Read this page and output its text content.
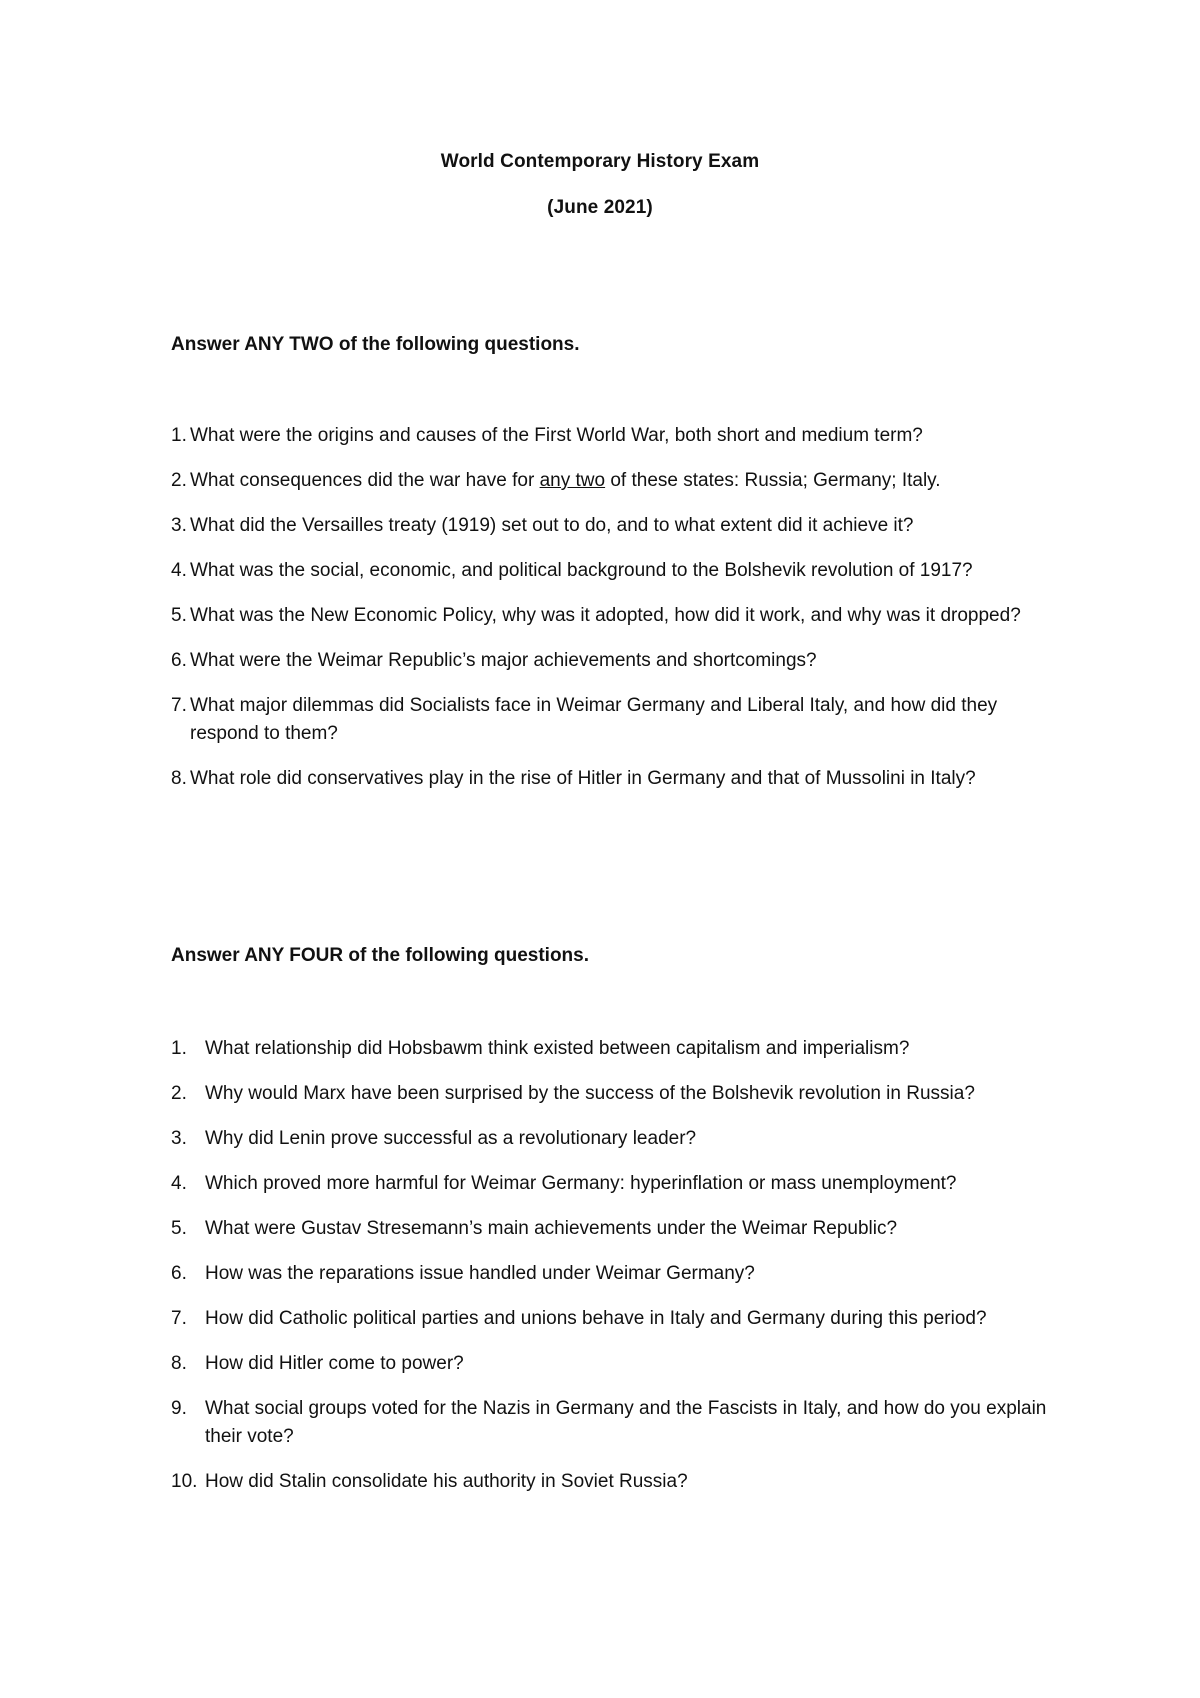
World Contemporary History Exam
(June 2021)
Answer ANY TWO of the following questions.
1. What were the origins and causes of the First World War, both short and medium term?
2. What consequences did the war have for any two of these states: Russia; Germany; Italy.
3. What did the Versailles treaty (1919) set out to do, and to what extent did it achieve it?
4. What was the social, economic, and political background to the Bolshevik revolution of 1917?
5. What was the New Economic Policy, why was it adopted, how did it work, and why was it dropped?
6. What were the Weimar Republic’s major achievements and shortcomings?
7. What major dilemmas did Socialists face in Weimar Germany and Liberal Italy, and how did they respond to them?
8. What role did conservatives play in the rise of Hitler in Germany and that of Mussolini in Italy?
Answer ANY FOUR of the following questions.
1. What relationship did Hobsbawm think existed between capitalism and imperialism?
2. Why would Marx have been surprised by the success of the Bolshevik revolution in Russia?
3. Why did Lenin prove successful as a revolutionary leader?
4. Which proved more harmful for Weimar Germany: hyperinflation or mass unemployment?
5. What were Gustav Stresemann’s main achievements under the Weimar Republic?
6. How was the reparations issue handled under Weimar Germany?
7. How did Catholic political parties and unions behave in Italy and Germany during this period?
8. How did Hitler come to power?
9. What social groups voted for the Nazis in Germany and the Fascists in Italy, and how do you explain their vote?
10. How did Stalin consolidate his authority in Soviet Russia?
